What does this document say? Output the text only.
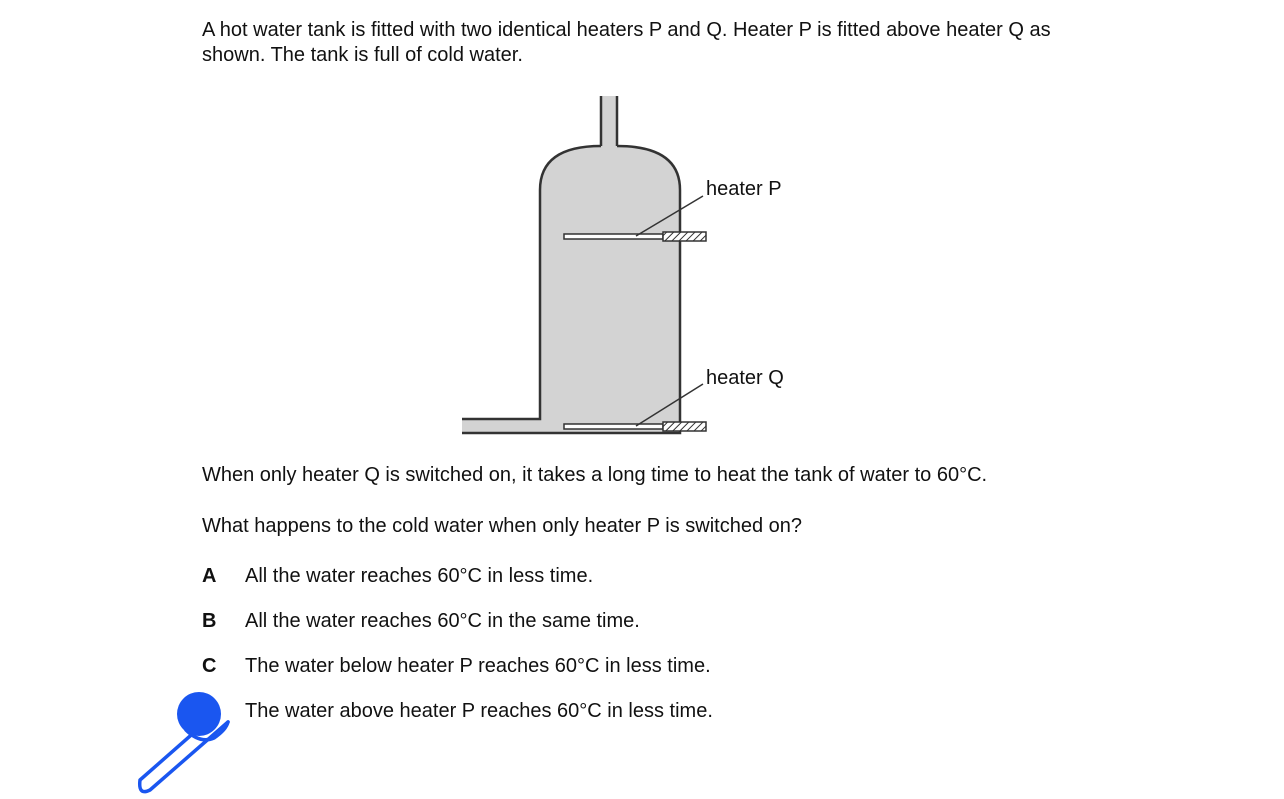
A hot water tank is fitted with two identical heaters P and Q. Heater P is fitted above heater Q as
shown. The tank is full of cold water.
heater P
heater Q

When only heater Q is switched on, it takes a long time to heat the tank of water to 60°C.

What happens to the cold water when only heater P is switched on?

A	All the water reaches 60°C in less time.
B	All the water reaches 60°C in the same time.
C	The water below heater P reaches 60°C in less time.
The water above heater P reaches 60°C in less time.
